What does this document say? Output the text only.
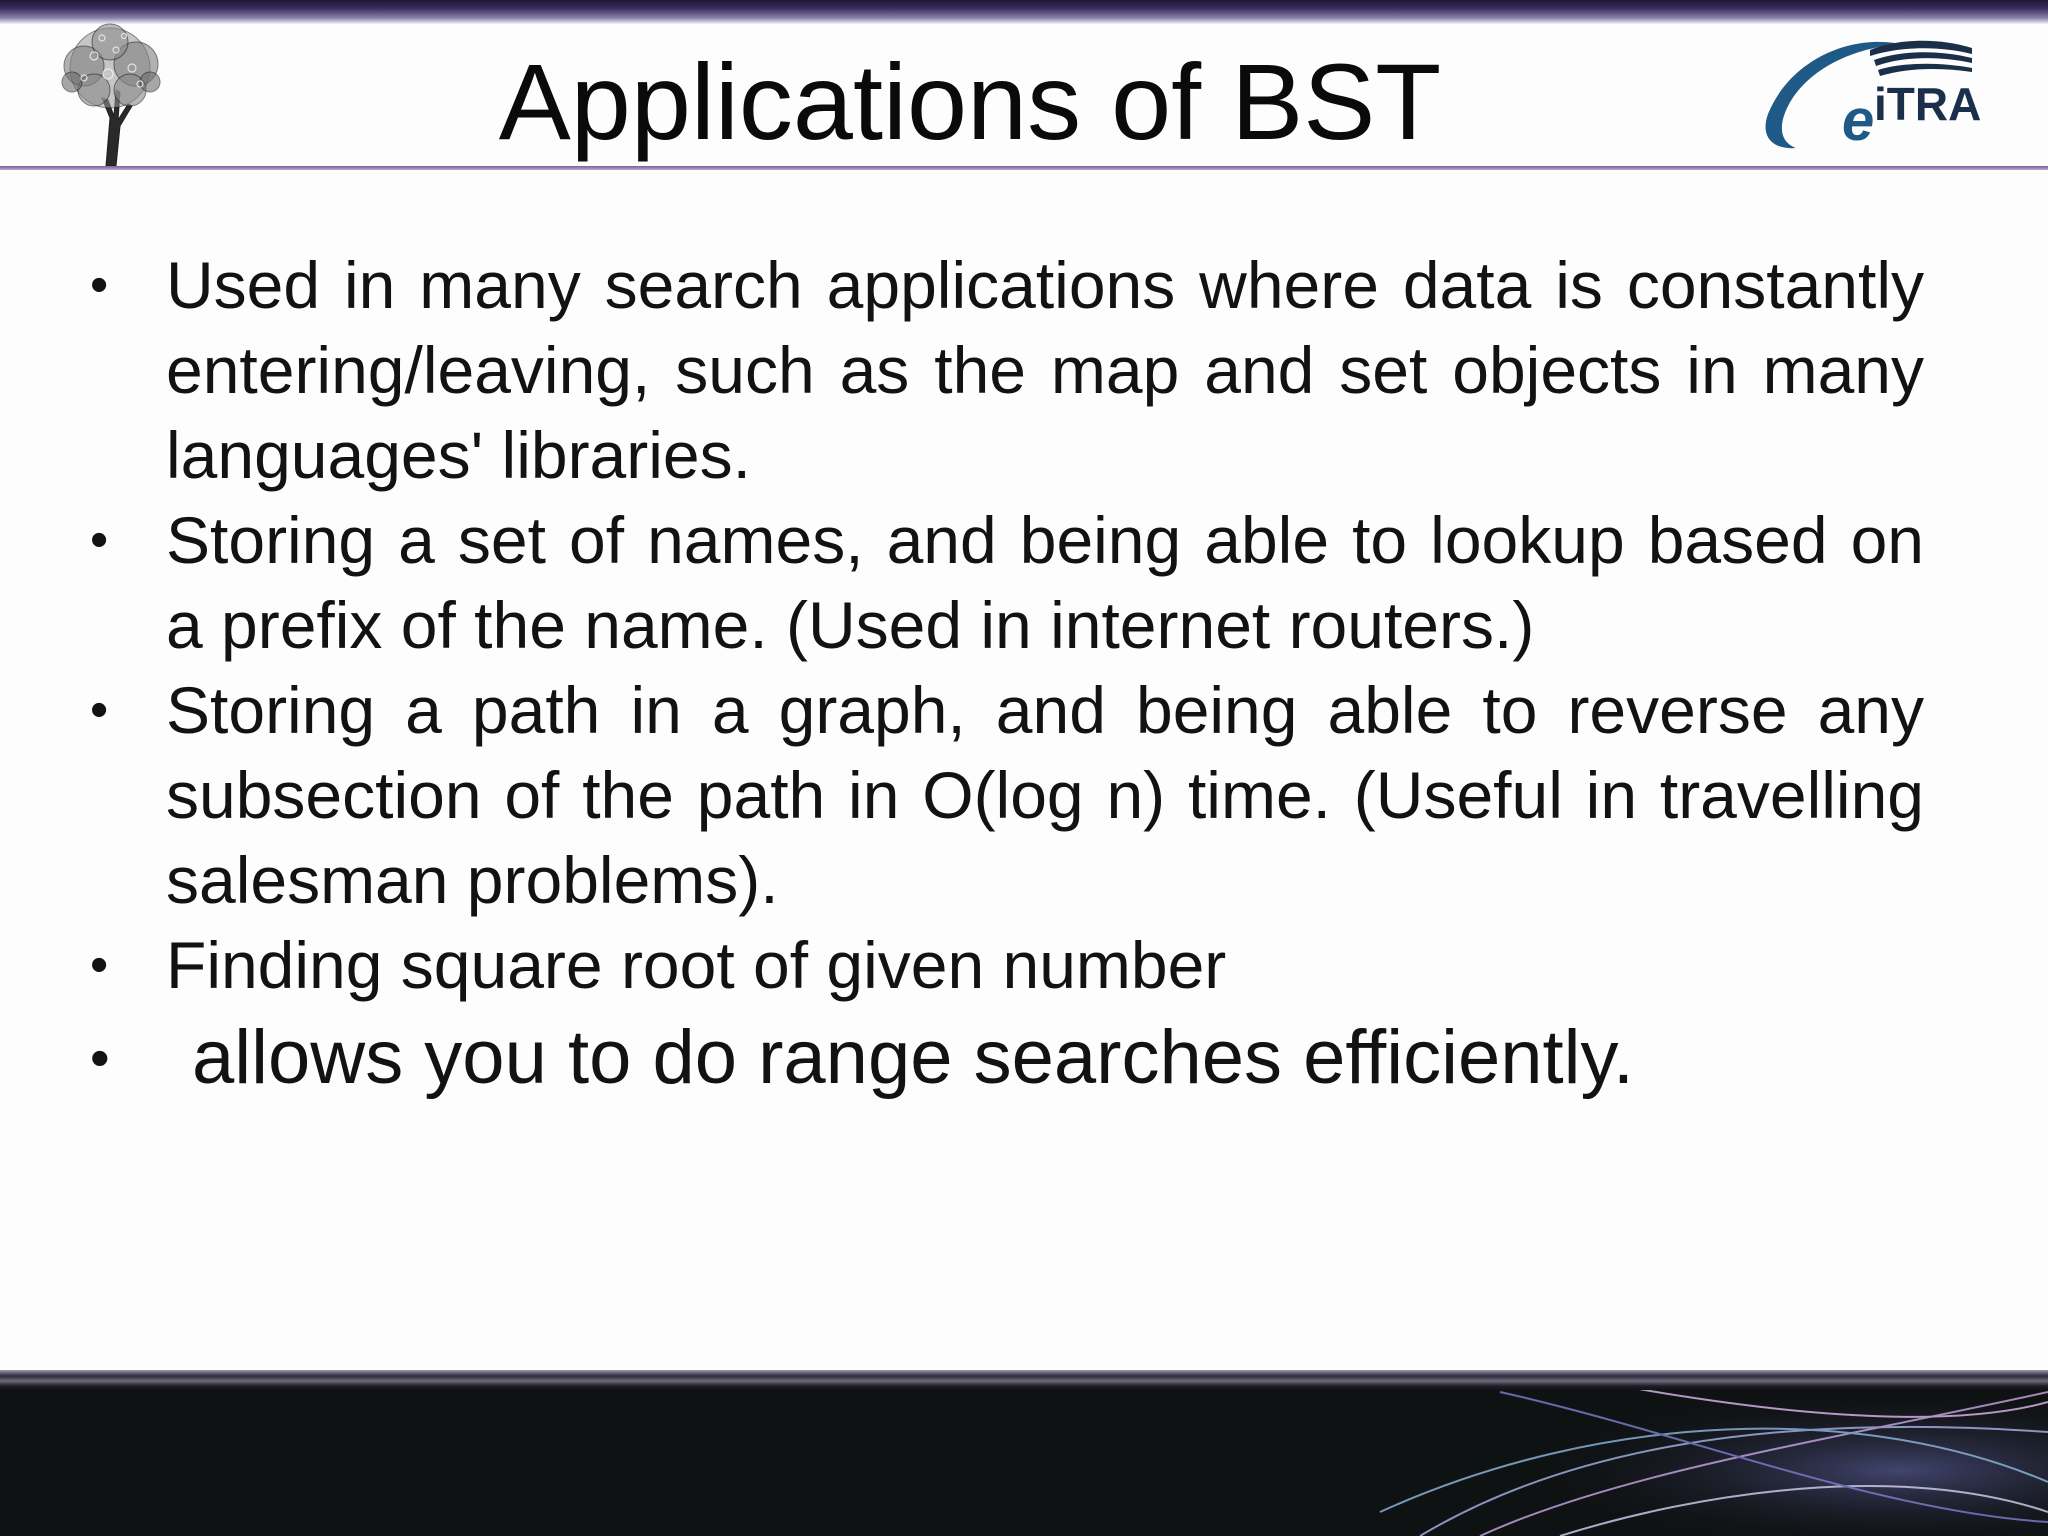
Applications of BST	e iTRA
• Used in many search applications where data is constantly entering/leaving, such as the map and set objects in many languages' libraries.
• Storing a set of names, and being able to lookup based on a prefix of the name. (Used in internet routers.)
• Storing a path in a graph, and being able to reverse any subsection of the path in O(log n) time. (Useful in travelling salesman problems).
• Finding square root of given number
• allows you to do range searches efficiently.
